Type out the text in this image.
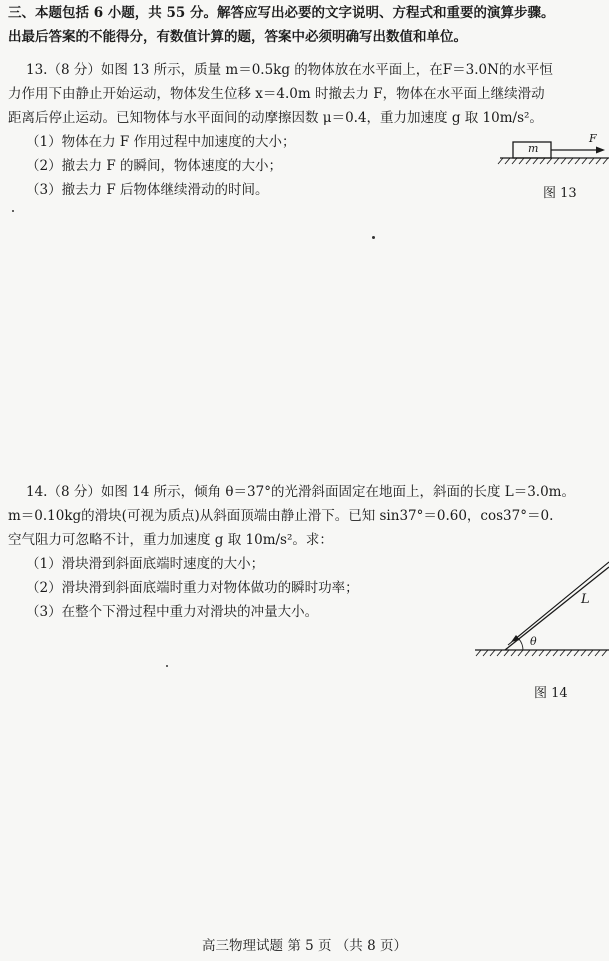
三、本题包括 6 小题，共 55 分。解答应写出必要的文字说明、方程式和重要的演算步骤。
出最后答案的不能得分，有数值计算的题，答案中必须明确写出数值和单位。
13.（8 分）如图 13 所示，质量 m＝0.5kg 的物体放在水平面上，在F＝3.0N的水平恒
力作用下由静止开始运动，物体发生位移 x＝4.0m 时撤去力 F，物体在水平面上继续滑动
距离后停止运动。已知物体与水平面间的动摩擦因数 μ＝0.4，重力加速度 g 取 10m/s²。
（1）物体在力 F 作用过程中加速度的大小；
（2）撤去力 F 的瞬间，物体速度的大小；
（3）撤去力 F 后物体继续滑动的时间。
m
F
图 13
14.（8 分）如图 14 所示，倾角 θ＝37°的光滑斜面固定在地面上，斜面的长度 L＝3.0m。
m＝0.10kg的滑块(可视为质点)从斜面顶端由静止滑下。已知 sin37°＝0.60，cos37°＝0.
空气阻力可忽略不计，重力加速度 g 取 10m/s²。求：
（1）滑块滑到斜面底端时速度的大小；
（2）滑块滑到斜面底端时重力对物体做功的瞬时功率；
（3）在整个下滑过程中重力对滑块的冲量大小。
L
θ
图 14
高三物理试题 第 5 页 （共 8 页）
